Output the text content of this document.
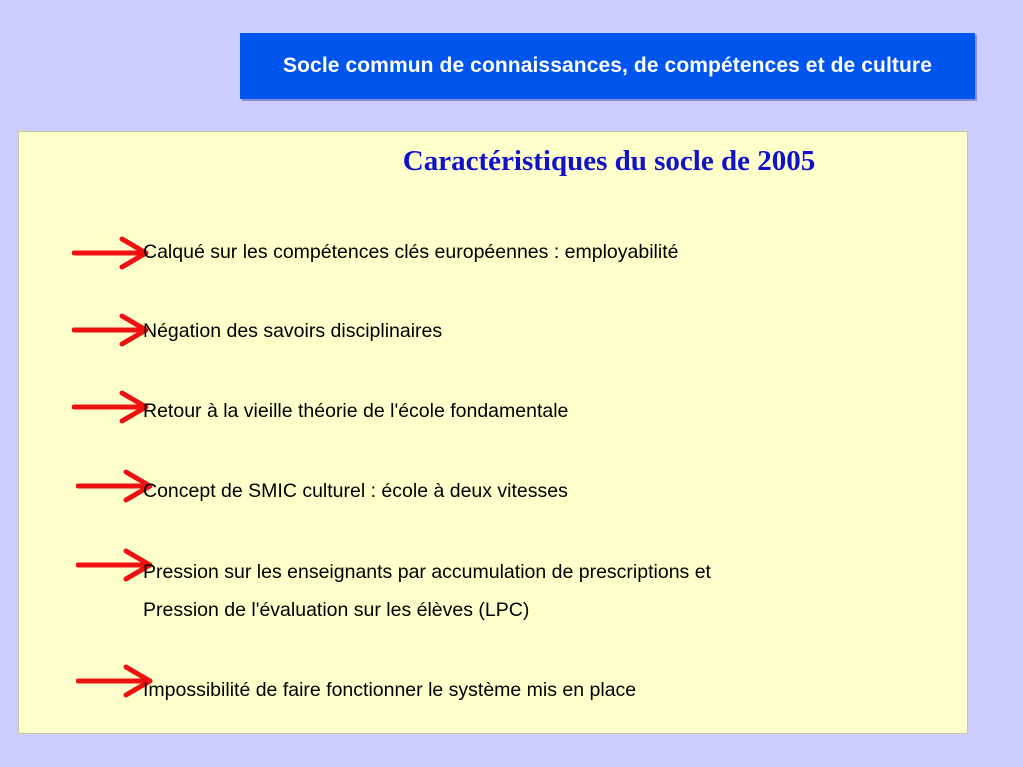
Socle commun de connaissances, de compétences et de culture
Caractéristiques du socle de 2005
Calqué sur les compétences clés européennes : employabilité
Négation des savoirs disciplinaires
Retour à la vieille théorie de l'école fondamentale
Concept de SMIC culturel : école à deux vitesses
Pression sur les enseignants par accumulation de prescriptions et
Pression de l'évaluation sur les élèves (LPC)
Impossibilité de faire fonctionner le système mis en place
